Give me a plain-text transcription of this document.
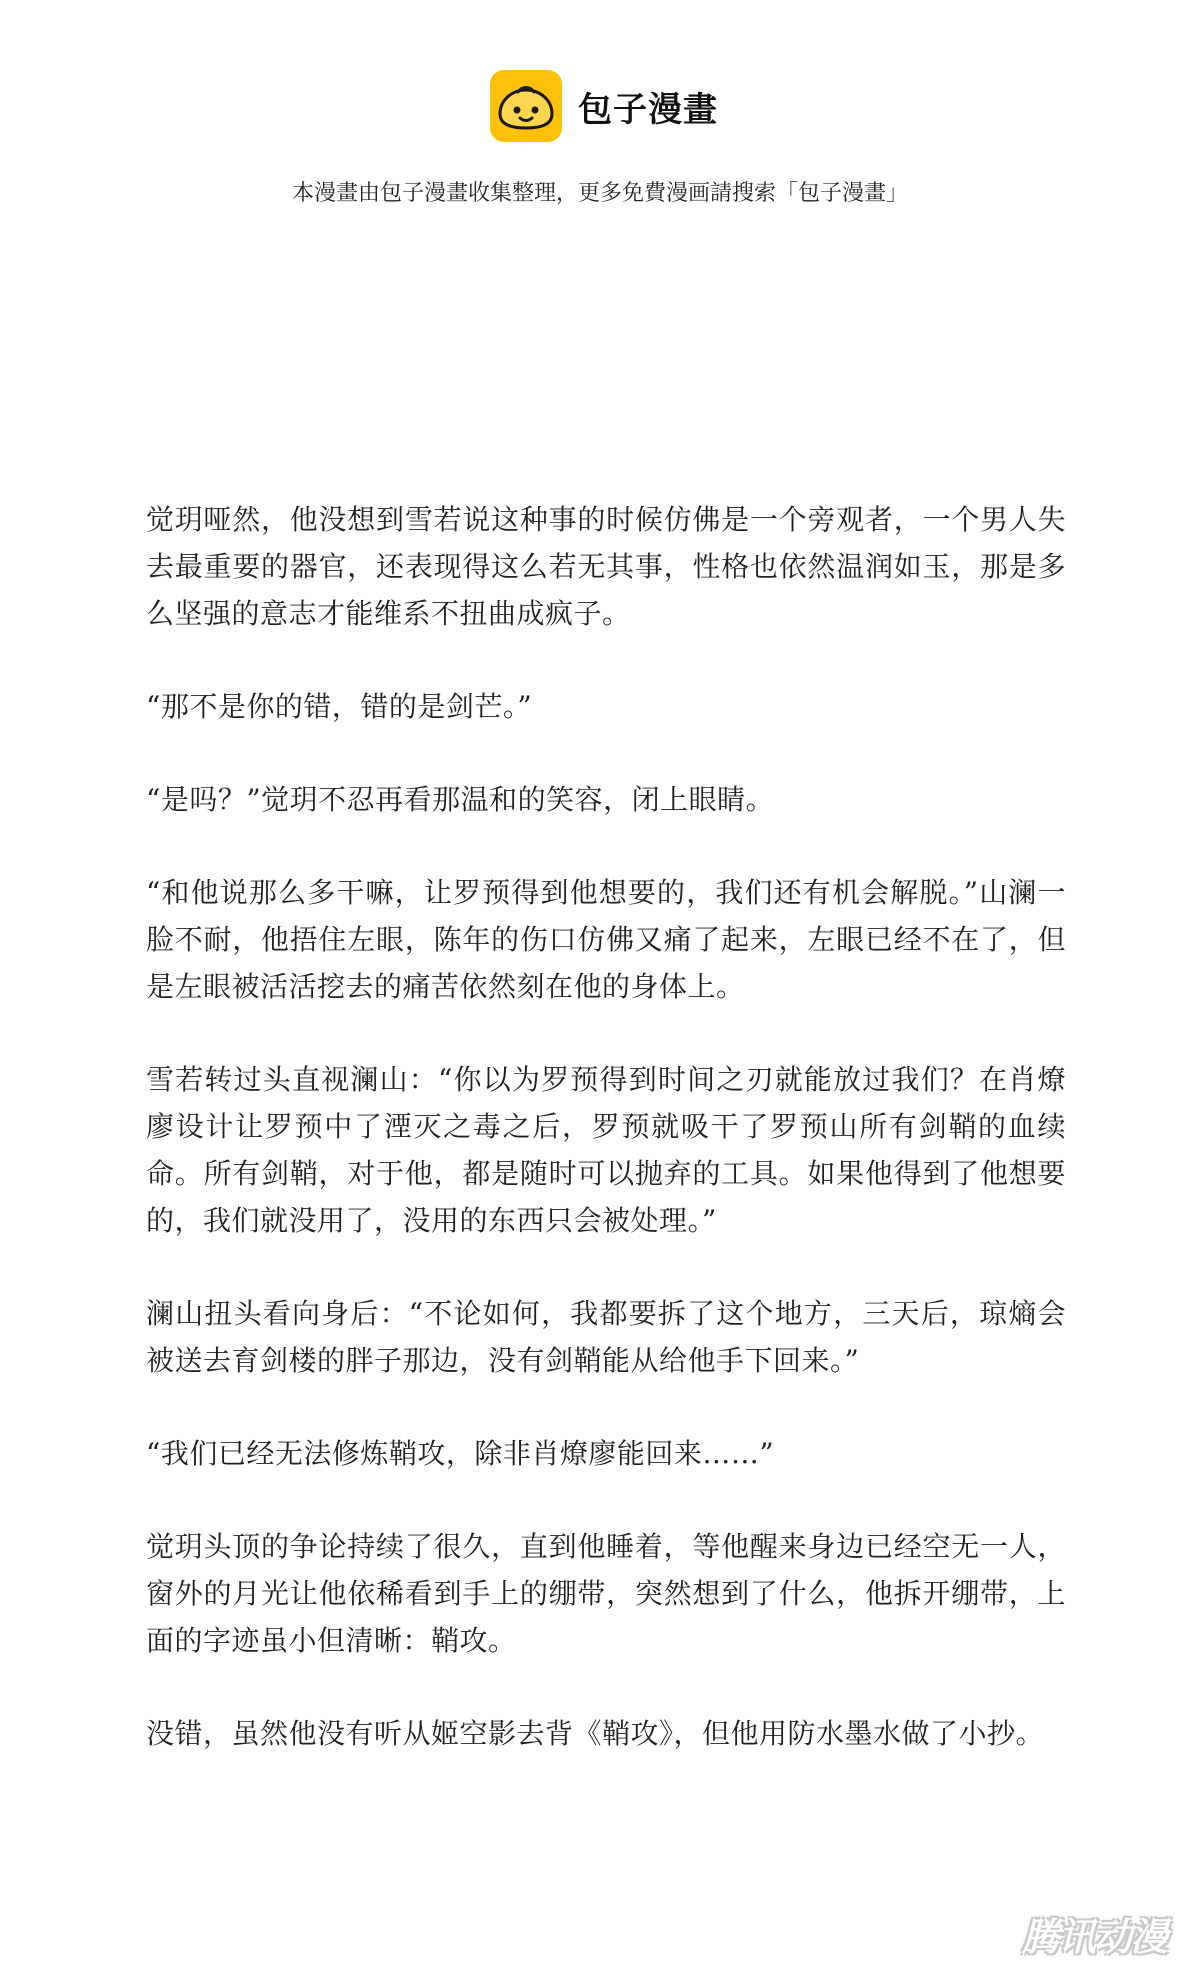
包子漫畫
本漫畫由包子漫畫收集整理，更多免費漫画請搜索「包子漫畫」

觉玥哑然，他没想到雪若说这种事的时候仿佛是一个旁观者，一个男人失去最重要的器官，还表现得这么若无其事，性格也依然温润如玉，那是多么坚强的意志才能维系不扭曲成疯子。

“那不是你的错，错的是剑芒。”

“是吗？”觉玥不忍再看那温和的笑容，闭上眼睛。

“和他说那么多干嘛，让罗预得到他想要的，我们还有机会解脱。”山澜一脸不耐，他捂住左眼，陈年的伤口仿佛又痛了起来，左眼已经不在了，但是左眼被活活挖去的痛苦依然刻在他的身体上。

雪若转过头直视澜山：“你以为罗预得到时间之刃就能放过我们？在肖燎廖设计让罗预中了湮灭之毒之后，罗预就吸干了罗预山所有剑鞘的血续命。所有剑鞘，对于他，都是随时可以抛弃的工具。如果他得到了他想要的，我们就没用了，没用的东西只会被处理。”

澜山扭头看向身后：“不论如何，我都要拆了这个地方，三天后，琼熵会被送去育剑楼的胖子那边，没有剑鞘能从给他手下回来。”

“我们已经无法修炼鞘攻，除非肖燎廖能回来……”

觉玥头顶的争论持续了很久，直到他睡着，等他醒来身边已经空无一人，窗外的月光让他依稀看到手上的绷带，突然想到了什么，他拆开绷带，上面的字迹虽小但清晰：鞘攻。

没错，虽然他没有听从姬空影去背《鞘攻》，但他用防水墨水做了小抄。

腾讯动漫
